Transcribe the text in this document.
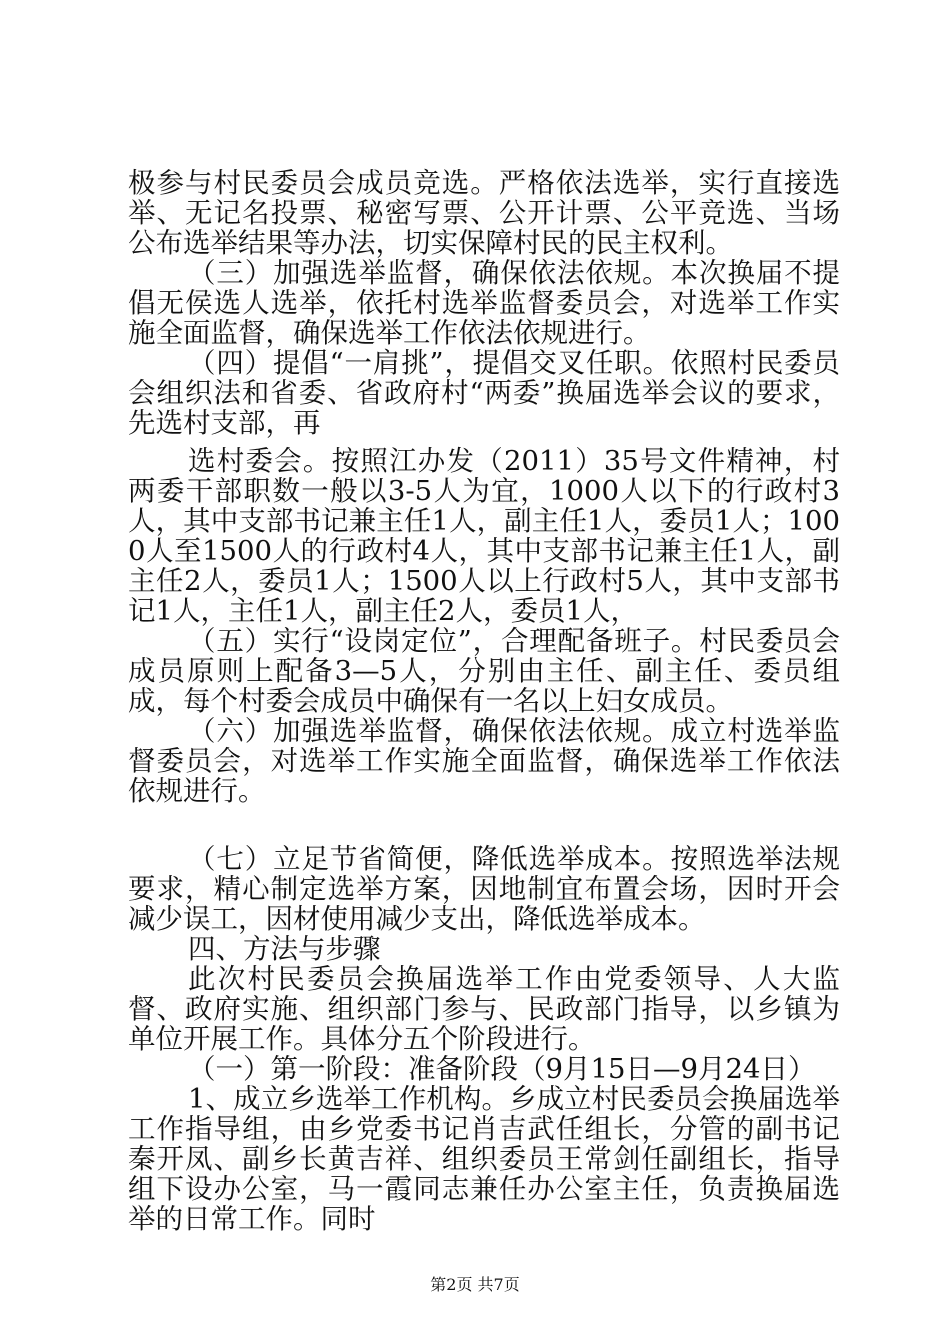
极参与村民委员会成员竞选。严格依法选举，实行直接选举、无记名投票、秘密写票、公开计票、公平竞选、当场公布选举结果等办法，切实保障村民的民主权利。

（三）加强选举监督，确保依法依规。本次换届不提倡无侯选人选举，依托村选举监督委员会，对选举工作实施全面监督，确保选举工作依法依规进行。

（四）提倡“一肩挑”，提倡交叉任职。依照村民委员会组织法和省委、省政府村“两委”换届选举会议的要求，先选村支部，再

选村委会。按照江办发（2011）35号文件精神，村两委干部职数一般以3-5人为宜，1000人以下的行政村3人，其中支部书记兼主任1人，副主任1人，委员1人；1000人至1500人的行政村4人，其中支部书记兼主任1人，副主任2人，委员1人；1500人以上行政村5人，其中支部书记1人，主任1人，副主任2人，委员1人，

（五）实行“设岗定位”，合理配备班子。村民委员会成员原则上配备3—5人，分别由主任、副主任、委员组成，每个村委会成员中确保有一名以上妇女成员。

（六）加强选举监督，确保依法依规。成立村选举监督委员会，对选举工作实施全面监督，确保选举工作依法依规进行。

（七）立足节省简便，降低选举成本。按照选举法规要求，精心制定选举方案，因地制宜布置会场，因时开会减少误工，因材使用减少支出，降低选举成本。

四、方法与步骤

此次村民委员会换届选举工作由党委领导、人大监督、政府实施、组织部门参与、民政部门指导，以乡镇为单位开展工作。具体分五个阶段进行。

（一）第一阶段：准备阶段（9月15日—9月24日）

1、成立乡选举工作机构。乡成立村民委员会换届选举工作指导组，由乡党委书记肖吉武任组长，分管的副书记秦开凤、副乡长黄吉祥、组织委员王常剑任副组长，指导组下设办公室，马一霞同志兼任办公室主任，负责换届选举的日常工作。同时

第2页 共7页
